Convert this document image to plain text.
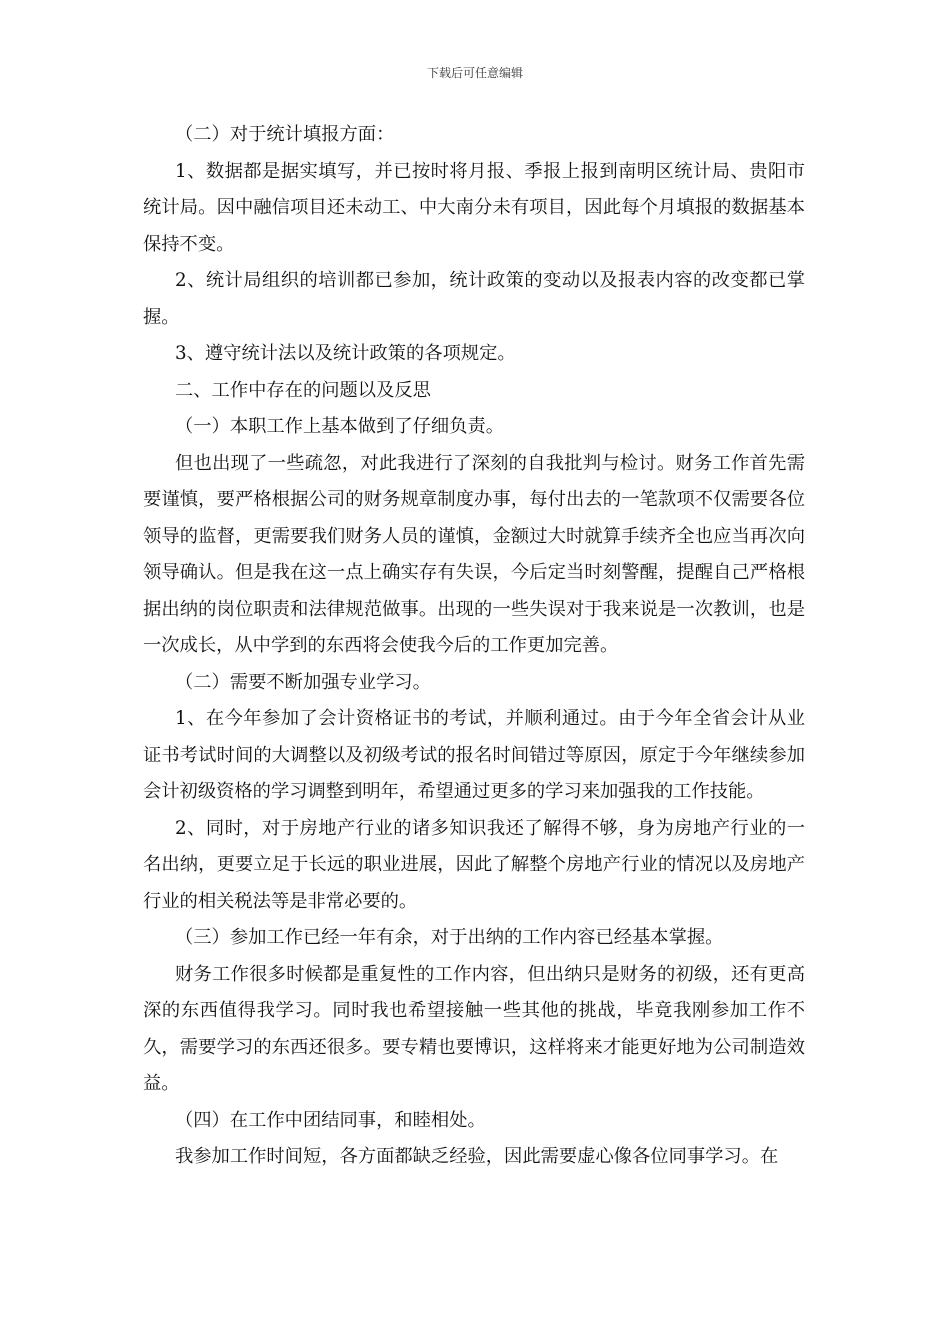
下载后可任意编辑

（二）对于统计填报方面：

1、数据都是据实填写，并已按时将月报、季报上报到南明区统计局、贵阳市统计局。因中融信项目还未动工、中大南分未有项目，因此每个月填报的数据基本保持不变。

2、统计局组织的培训都已参加，统计政策的变动以及报表内容的改变都已掌握。

3、遵守统计法以及统计政策的各项规定。

二、工作中存在的问题以及反思

（一）本职工作上基本做到了仔细负责。

但也出现了一些疏忽，对此我进行了深刻的自我批判与检讨。财务工作首先需要谨慎，要严格根据公司的财务规章制度办事，每付出去的一笔款项不仅需要各位领导的监督，更需要我们财务人员的谨慎，金额过大时就算手续齐全也应当再次向领导确认。但是我在这一点上确实存有失误，今后定当时刻警醒，提醒自己严格根据出纳的岗位职责和法律规范做事。出现的一些失误对于我来说是一次教训，也是一次成长，从中学到的东西将会使我今后的工作更加完善。

（二）需要不断加强专业学习。

1、在今年参加了会计资格证书的考试，并顺利通过。由于今年全省会计从业证书考试时间的大调整以及初级考试的报名时间错过等原因，原定于今年继续参加会计初级资格的学习调整到明年，希望通过更多的学习来加强我的工作技能。

2、同时，对于房地产行业的诸多知识我还了解得不够，身为房地产行业的一名出纳，更要立足于长远的职业进展，因此了解整个房地产行业的情况以及房地产行业的相关税法等是非常必要的。

（三）参加工作已经一年有余，对于出纳的工作内容已经基本掌握。

财务工作很多时候都是重复性的工作内容，但出纳只是财务的初级，还有更高深的东西值得我学习。同时我也希望接触一些其他的挑战，毕竟我刚参加工作不久，需要学习的东西还很多。要专精也要博识，这样将来才能更好地为公司制造效益。

（四）在工作中团结同事，和睦相处。

我参加工作时间短，各方面都缺乏经验，因此需要虚心像各位同事学习。在
